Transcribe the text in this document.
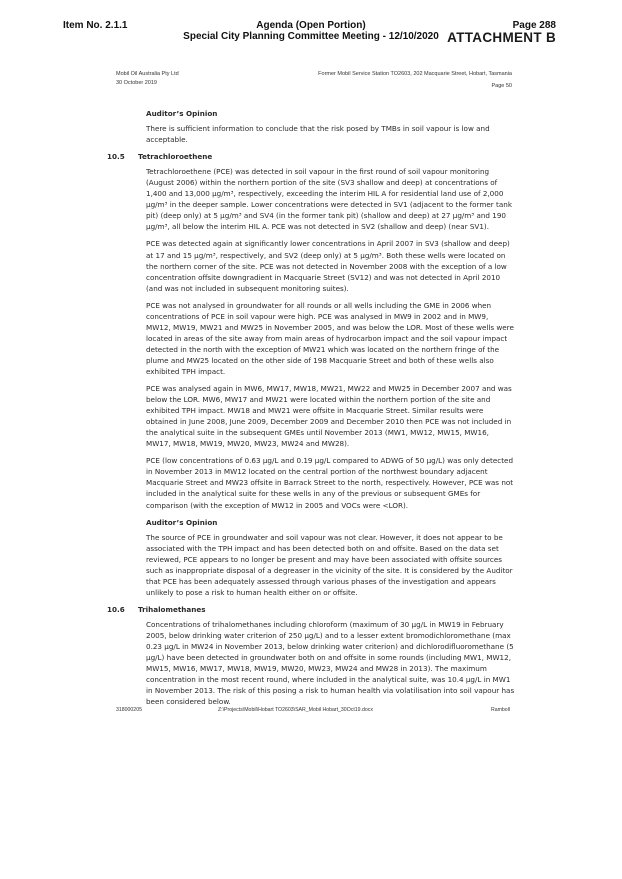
Item No. 2.1.1	Agenda (Open Portion)
Special City Planning Committee Meeting - 12/10/2020
Page 288
ATTACHMENT B
Mobil Oil Australia Pty Ltd
30 October 2019
Former Mobil Service Station TO2603, 202 Macquarie Street, Hobart, Tasmania
Page 50
Auditor’s Opinion

There is sufficient information to conclude that the risk posed by TMBs in soil vapour is low and acceptable.

10.5 Tetrachloroethene

Tetrachloroethene (PCE) was detected in soil vapour in the first round of soil vapour monitoring (August 2006) within the northern portion of the site (SV3 shallow and deep) at concentrations of 1,400 and 13,000 µg/m³, respectively, exceeding the interim HIL A for residential land use of 2,000 µg/m³ in the deeper sample. Lower concentrations were detected in SV1 (adjacent to the former tank pit) (deep only) at 5 µg/m³ and SV4 (in the former tank pit) (shallow and deep) at 27 µg/m³ and 190 µg/m³, all below the interim HIL A. PCE was not detected in SV2 (shallow and deep) (near SV1).

PCE was detected again at significantly lower concentrations in April 2007 in SV3 (shallow and deep) at 17 and 15 µg/m³, respectively, and SV2 (deep only) at 5 µg/m³. Both these wells were located on the northern corner of the site. PCE was not detected in November 2008 with the exception of a low concentration offsite downgradient in Macquarie Street (SV12) and was not detected in April 2010 (and was not included in subsequent monitoring suites).

PCE was not analysed in groundwater for all rounds or all wells including the GME in 2006 when concentrations of PCE in soil vapour were high. PCE was analysed in MW9 in 2002 and in MW9, MW12, MW19, MW21 and MW25 in November 2005, and was below the LOR. Most of these wells were located in areas of the site away from main areas of hydrocarbon impact and the soil vapour impact detected in the north with the exception of MW21 which was located on the northern fringe of the plume and MW25 located on the other side of 198 Macquarie Street and both of these wells also exhibited TPH impact.

PCE was analysed again in MW6, MW17, MW18, MW21, MW22 and MW25 in December 2007 and was below the LOR. MW6, MW17 and MW21 were located within the northern portion of the site and exhibited TPH impact. MW18 and MW21 were offsite in Macquarie Street. Similar results were obtained in June 2008, June 2009, December 2009 and December 2010 then PCE was not included in the analytical suite in the subsequent GMEs until November 2013 (MW1, MW12, MW15, MW16, MW17, MW18, MW19, MW20, MW23, MW24 and MW28).

PCE (low concentrations of 0.63 µg/L and 0.19 µg/L compared to ADWG of 50 µg/L) was only detected in November 2013 in MW12 located on the central portion of the northwest boundary adjacent Macquarie Street and MW23 offsite in Barrack Street to the north, respectively. However, PCE was not included in the analytical suite for these wells in any of the previous or subsequent GMEs for comparison (with the exception of MW12 in 2005 and VOCs were <LOR).

Auditor’s Opinion

The source of PCE in groundwater and soil vapour was not clear. However, it does not appear to be associated with the TPH impact and has been detected both on and offsite. Based on the data set reviewed, PCE appears to no longer be present and may have been associated with offsite sources such as inappropriate disposal of a degreaser in the vicinity of the site. It is considered by the Auditor that PCE has been adequately assessed through various phases of the investigation and appears unlikely to pose a risk to human health either on or offsite.

10.6 Trihalomethanes

Concentrations of trihalomethanes including chloroform (maximum of 30 µg/L in MW19 in February 2005, below drinking water criterion of 250 µg/L) and to a lesser extent bromodichloromethane (max 0.23 µg/L in MW24 in November 2013, below drinking water criterion) and dichlorodifluoromethane (5 µg/L) have been detected in groundwater both on and offsite in some rounds (including MW1, MW12, MW15, MW16, MW17, MW18, MW19, MW20, MW23, MW24 and MW28 in 2013). The maximum concentration in the most recent round, where included in the analytical suite, was 10.4 µg/L in MW1 in November 2013. The risk of this posing a risk to human health via volatilisation into soil vapour has been considered below.

318000205	Z:\Projects\Mobil\Hobart TO2603\SAR_Mobil Hobart_30Oct19.docx	Ramboll
